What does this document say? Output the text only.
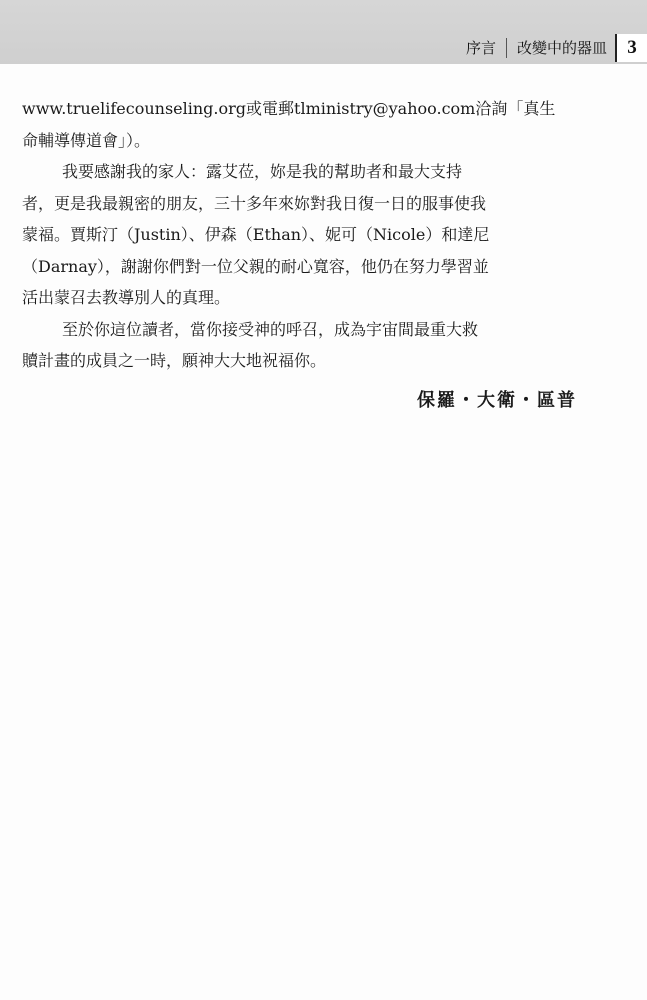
序言	改變中的器皿	3
www.truelifecounseling.org或電郵tlministry@yahoo.com洽詢「真生
命輔導傳道會」）。
我要感謝我的家人：露艾莅，妳是我的幫助者和最大支持
者，更是我最親密的朋友，三十多年來妳對我日復一日的服事使我
蒙福。賈斯汀（Justin）、伊森（Ethan）、妮可（Nicole）和達尼
（Darnay），謝謝你們對一位父親的耐心寬容，他仍在努力學習並
活出蒙召去教導別人的真理。
至於你這位讀者，當你接受神的呼召，成為宇宙間最重大救
贖計畫的成員之一時，願神大大地祝福你。
保羅・大衛・區普
